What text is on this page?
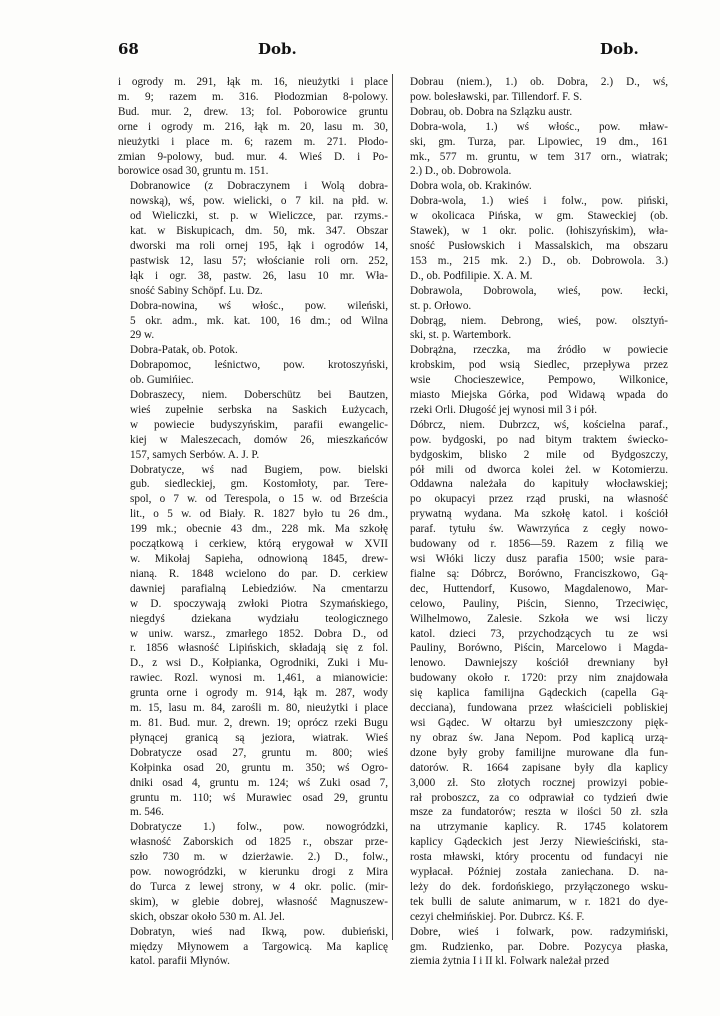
68	Dob.	Dob.

i ogrody m. 291, łąk m. 16, nieużytki i place
m. 9; razem m. 316. Płodozmian 8-polowy.
Bud. mur. 2, drew. 13; fol. Poborowice gruntu
orne i ogrody m. 216, łąk m. 20, lasu m. 30,
nieużytki i place m. 6; razem m. 271. Płodo-
zmian 9-polowy, bud. mur. 4. Wieś D. i Po-
borowice osad 30, gruntu m. 151.

Dobranowice (z Dobraczynem i Wolą dobra-
nowską), wś, pow. wielicki, o 7 kil. na płd. w.
od Wieliczki, st. p. w Wieliczce, par. rzyms.-
kat. w Biskupicach, dm. 50, mk. 347. Obszar
dworski ma roli ornej 195, łąk i ogrodów 14,
pastwisk 12, lasu 57; włościanie roli orn. 252,
łąk i ogr. 38, pastw. 26, lasu 10 mr. Wła-
sność Sabiny Schöpf. Lu. Dz.

Dobra-nowina, wś włośc., pow. wileński,
5 okr. adm., mk. kat. 100, 16 dm.; od Wilna
29 w.

Dobra-Patak, ob. Potok.

Dobrapomoc, leśnictwo, pow. krotoszyński,
ob. Gumińiec.

Dobraszecy, niem. Doberschütz bei Bautzen,
wieś zupełnie serbska na Saskich Łużycach,
w powiecie budyszyńskim, parafii ewangelic-
kiej w Maleszecach, domów 26, mieszkańców
157, samych Serbów. A. J. P.

Dobratycze, wś nad Bugiem, pow. bielski
gub. siedleckiej, gm. Kostomłoty, par. Tere-
spol, o 7 w. od Terespola, o 15 w. od Brześcia
lit., o 5 w. od Biały. R. 1827 było tu 26 dm.,
199 mk.; obecnie 43 dm., 228 mk. Ma szkołę
początkową i cerkiew, którą erygował w XVII
w. Mikołaj Sapieha, odnowioną 1845, drew-
nianą. R. 1848 wcielono do par. D. cerkiew
dawniej parafialną Lebiedziów. Na cmentarzu
w D. spoczywają zwłoki Piotra Szymańskiego,
niegdyś dziekana wydziału teologicznego
w uniw. warsz., zmarłego 1852. Dobra D., od
r. 1856 własność Lipińskich, składają się z fol.
D., z wsi D., Kołpianka, Ogrodniki, Zuki i Mu-
rawiec. Rozl. wynosi m. 1,461, a mianowicie:
grunta orne i ogrody m. 914, łąk m. 287, wody
m. 15, lasu m. 84, zarośli m. 80, nieużytki i place
m. 81. Bud. mur. 2, drewn. 19; oprócz rzeki Bugu
płynącej granicą są jeziora, wiatrak. Wieś
Dobratycze osad 27, gruntu m. 800; wieś
Kołpinka osad 20, gruntu m. 350; wś Ogro-
dniki osad 4, gruntu m. 124; wś Zuki osad 7,
gruntu m. 110; wś Murawiec osad 29, gruntu
m. 546.

Dobratycze 1.) folw., pow. nowogródzki,
własność Zaborskich od 1825 r., obszar prze-
szło 730 m. w dzierżawie. 2.) D., folw.,
pow. nowogródzki, w kierunku drogi z Mira
do Turca z lewej strony, w 4 okr. polic. (mir-
skim), w glebie dobrej, własność Magnuszew-
skich, obszar około 530 m. Al. Jel.

Dobratyn, wieś nad Ikwą, pow. dubieński,
między Młynowem a Targowicą. Ma kaplicę
katol. parafii Młynów.

Dobrau (niem.), 1.) ob. Dobra, 2.) D., wś,
pow. bolesławski, par. Tillendorf. F. S.

Dobrau, ob. Dobra na Szlązku austr.

Dobra-wola, 1.) wś włośc., pow. mław-
ski, gm. Turza, par. Lipowiec, 19 dm., 161
mk., 577 m. gruntu, w tem 317 orn., wiatrak;
2.) D., ob. Dobrowola.

Dobra wola, ob. Krakinów.

Dobra-wola, 1.) wieś i folw., pow. piński,
w okolicaca Pińska, w gm. Staweckiej (ob.
Stawek), w 1 okr. polic. (łohiszyńskim), wła-
sność Pusłowskich i Massalskich, ma obszaru
153 m., 215 mk. 2.) D., ob. Dobrowola. 3.)
D., ob. Podfilipie. X. A. M.

Dobrawola, Dobrowola, wieś, pow. łecki,
st. p. Orłowo.

Dobrąg, niem. Debrong, wieś, pow. olsztyń-
ski, st. p. Wartembork.

Dobrążna, rzeczka, ma źródło w powiecie
krobskim, pod wsią Siedlec, przepływa przez
wsie Chocieszewice, Pempowo, Wilkonice,
miasto Miejska Górka, pod Widawą wpada do
rzeki Orli. Długość jej wynosi mil 3 i pół.

Dóbrcz, niem. Dubrzcz, wś, kościelna paraf.,
pow. bydgoski, po nad bitym traktem świecko-
bydgoskim, blisko 2 mile od Bydgoszczy,
pół mili od dworca kolei żel. w Kotomierzu.
Oddawna należała do kapituły włocławskiej;
po okupacyi przez rząd pruski, na własność
prywatną wydana. Ma szkołę katol. i kościół
paraf. tytułu św. Wawrzyńca z cegły nowo-
budowany od r. 1856—59. Razem z filią we
wsi Włóki liczy dusz parafia 1500; wsie para-
fialne są: Dóbrcz, Borówno, Franciszkowo, Gą-
dec, Huttendorf, Kusowo, Magdalenowo, Mar-
celowo, Pauliny, Piścin, Sienno, Trzeciwięc,
Wilhelmowo, Zalesie. Szkoła we wsi liczy
katol. dzieci 73, przychodzących tu ze wsi
Pauliny, Borówno, Piścin, Marcelowo i Magda-
lenowo. Dawniejszy kościół drewniany był
budowany około r. 1720: przy nim znajdowała
się kaplica familijna Gądeckich (capella Gą-
decciana), fundowana przez właścicieli pobliskiej
wsi Gądec. W ołtarzu był umieszczony pięk-
ny obraz św. Jana Nepom. Pod kaplicą urzą-
dzone były groby familijne murowane dla fun-
datorów. R. 1664 zapisane były dla kaplicy
3,000 zł. Sto złotych rocznej prowizyi pobie-
rał proboszcz, za co odprawiał co tydzień dwie
msze za fundatorów; reszta w ilości 50 zł. szła
na utrzymanie kaplicy. R. 1745 kolatorem
kaplicy Gądeckich jest Jerzy Niewieściński, sta-
rosta mławski, który procentu od fundacyi nie
wypłacał. Później została zaniechana. D. na-
leży do dek. fordońskiego, przyłączonego wsku-
tek bulli de salute animarum, w r. 1821 do dye-
cezyi chełmińskiej. Por. Dubrcz. Kś. F.

Dobre, wieś i folwark, pow. radzymiński,
gm. Rudzienko, par. Dobre. Pozycya płaska,
ziemia żytnia I i II kl. Folwark należał przed
